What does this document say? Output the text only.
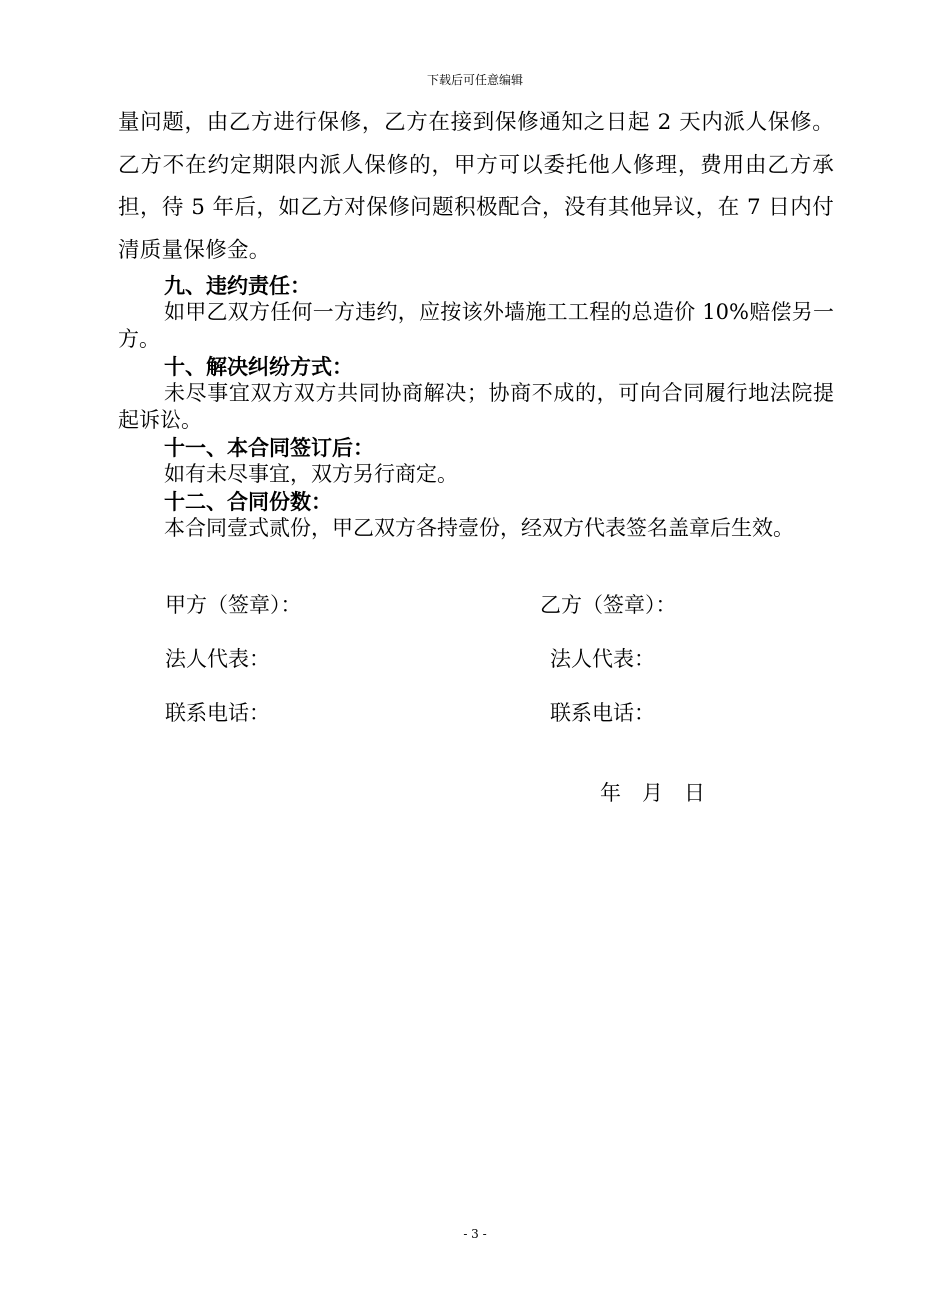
下载后可任意编辑
量问题，由乙方进行保修，乙方在接到保修通知之日起 2 天内派人保修。乙方不在约定期限内派人保修的，甲方可以委托他人修理，费用由乙方承担，待 5 年后，如乙方对保修问题积极配合，没有其他异议，在 7 日内付清质量保修金。
九、违约责任：
如甲乙双方任何一方违约，应按该外墙施工工程的总造价 10%赔偿另一方。
十、解决纠纷方式：
未尽事宜双方双方共同协商解决；协商不成的，可向合同履行地法院提起诉讼。
十一、本合同签订后：
如有未尽事宜，双方另行商定。
十二、合同份数：
本合同壹式贰份，甲乙双方各持壹份，经双方代表签名盖章后生效。
甲方（签章）：	乙方（签章）：
法人代表：	法人代表：
联系电话：	联系电话：
年　月　日
- 3 -
